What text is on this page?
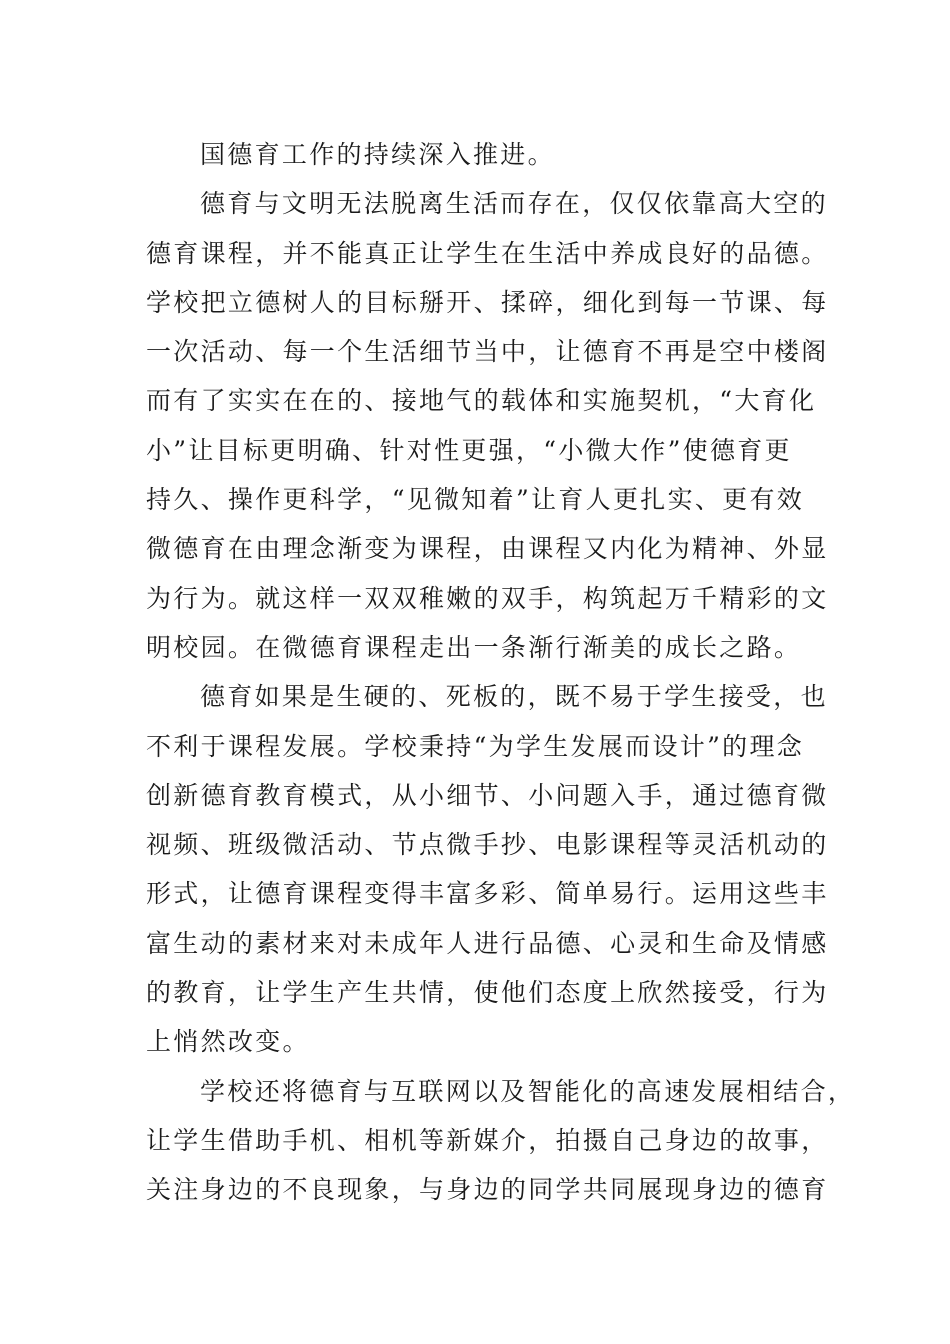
国德育工作的持续深入推进。
德育与文明无法脱离生活而存在，仅仅依靠高大空的
德育课程，并不能真正让学生在生活中养成良好的品德。
学校把立德树人的目标掰开、揉碎，细化到每一节课、每
一次活动、每一个生活细节当中，让德育不再是空中楼阁
而有了实实在在的、接地气的载体和实施契机，“大育化
小”让目标更明确、针对性更强，“小微大作”使德育更
持久、操作更科学，“见微知着”让育人更扎实、更有效
微德育在由理念渐变为课程，由课程又内化为精神、外显
为行为。就这样一双双稚嫩的双手，构筑起万千精彩的文
明校园。在微德育课程走出一条渐行渐美的成长之路。
德育如果是生硬的、死板的，既不易于学生接受，也
不利于课程发展。学校秉持“为学生发展而设计”的理念
创新德育教育模式，从小细节、小问题入手，通过德育微
视频、班级微活动、节点微手抄、电影课程等灵活机动的
形式，让德育课程变得丰富多彩、简单易行。运用这些丰
富生动的素材来对未成年人进行品德、心灵和生命及情感
的教育，让学生产生共情，使他们态度上欣然接受，行为
上悄然改变。
学校还将德育与互联网以及智能化的高速发展相结合，
让学生借助手机、相机等新媒介，拍摄自己身边的故事，
关注身边的不良现象，与身边的同学共同展现身边的德育
